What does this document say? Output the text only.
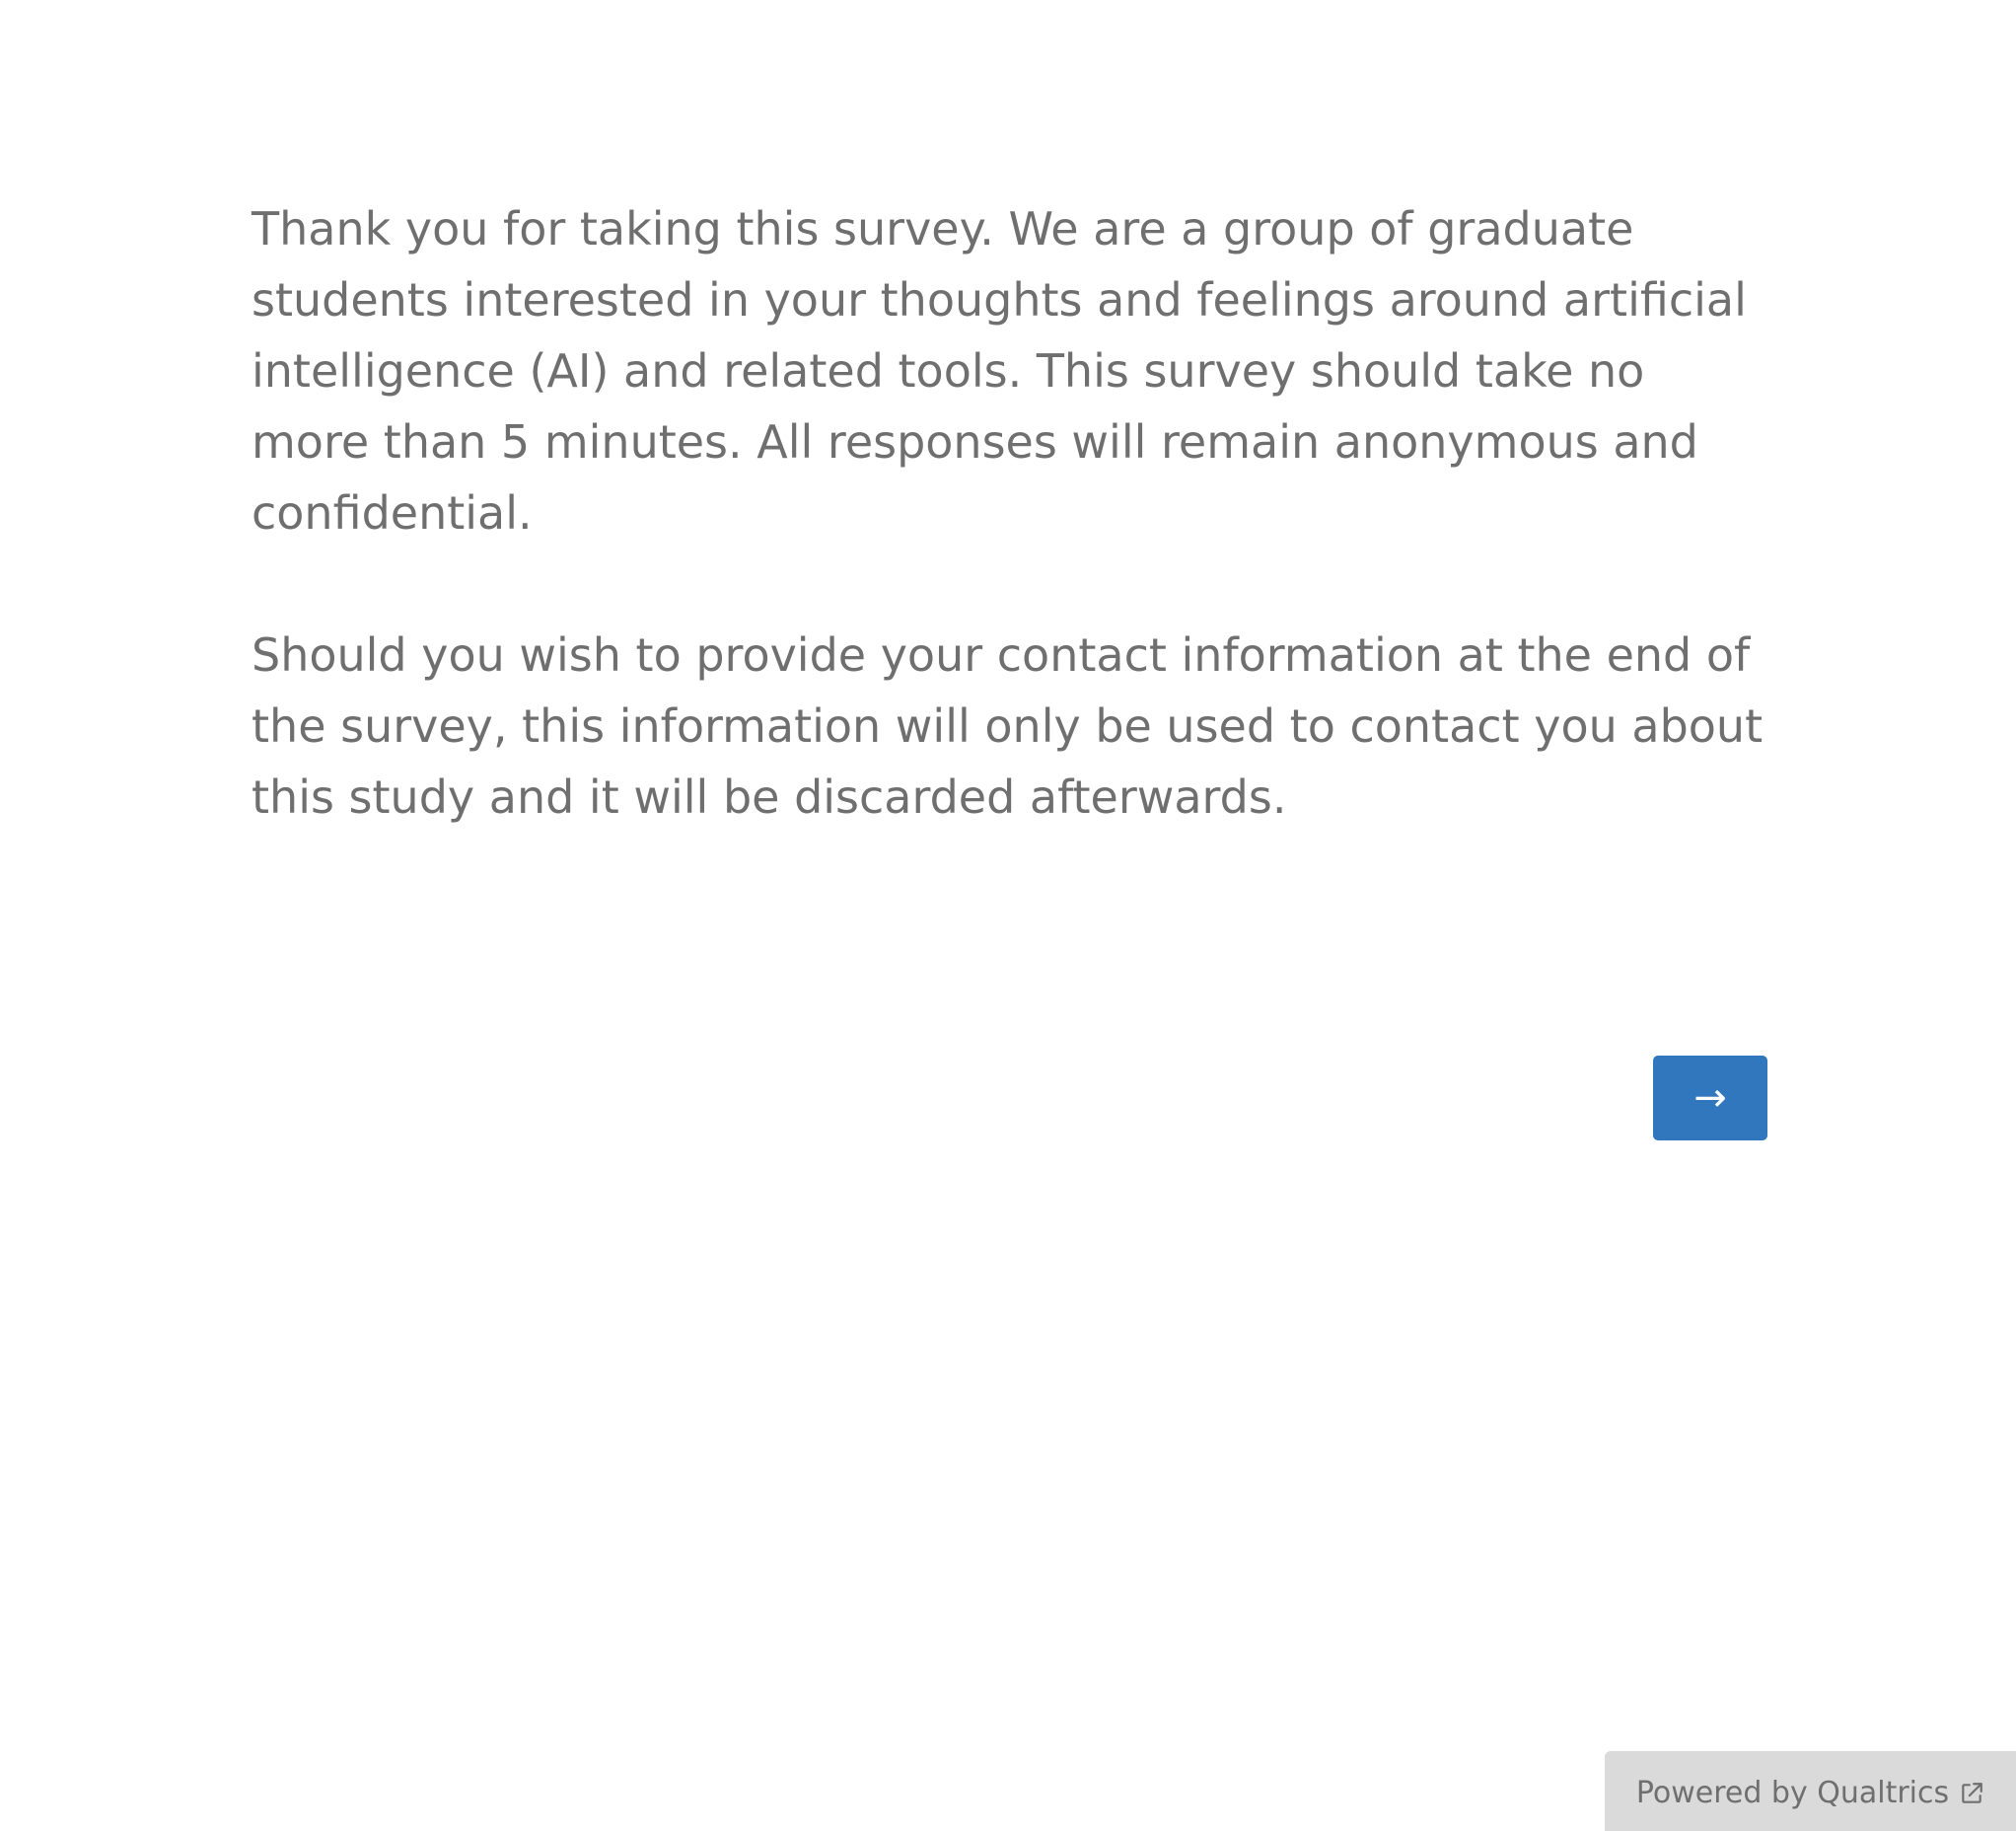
Thank you for taking this survey. We are a group of graduate students interested in your thoughts and feelings around artificial intelligence (AI) and related tools. This survey should take no more than 5 minutes. All responses will remain anonymous and confidential.

Should you wish to provide your contact information at the end of the survey, this information will only be used to contact you about this study and it will be discarded afterwards.

→
Powered by Qualtrics
